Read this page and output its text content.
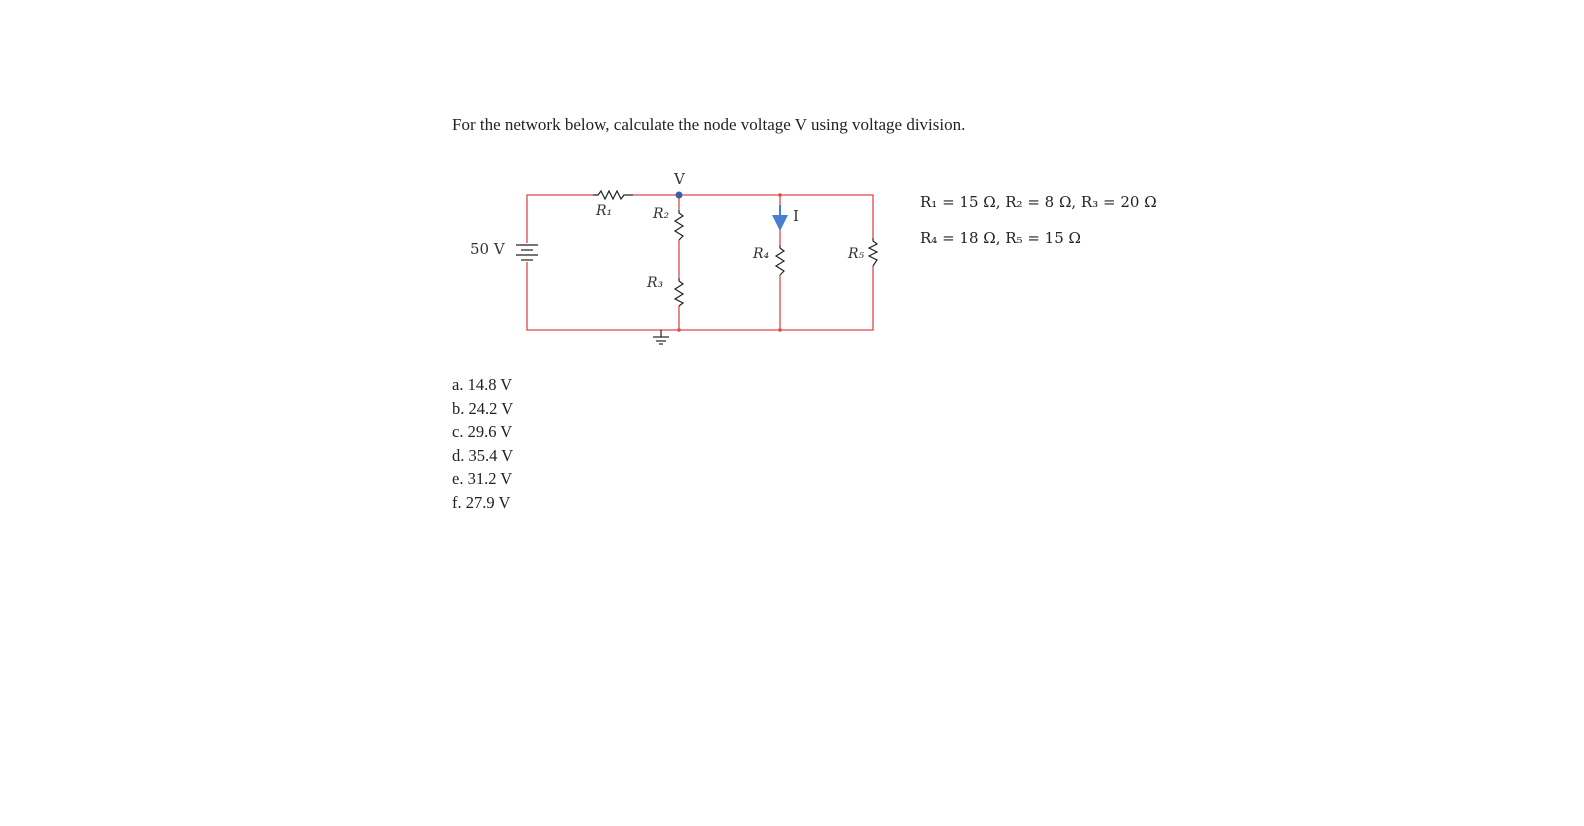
For the network below, calculate the node voltage V using voltage division.
50 V
V
I
R₁	R₂
R₃
R₄	R₅
R₁ = 15 Ω, R₂ = 8 Ω, R₃ = 20 Ω
R₄ = 18 Ω, R₅ = 15 Ω
a. 14.8 V
b. 24.2 V
c. 29.6 V
d. 35.4 V
e. 31.2 V
f. 27.9 V
